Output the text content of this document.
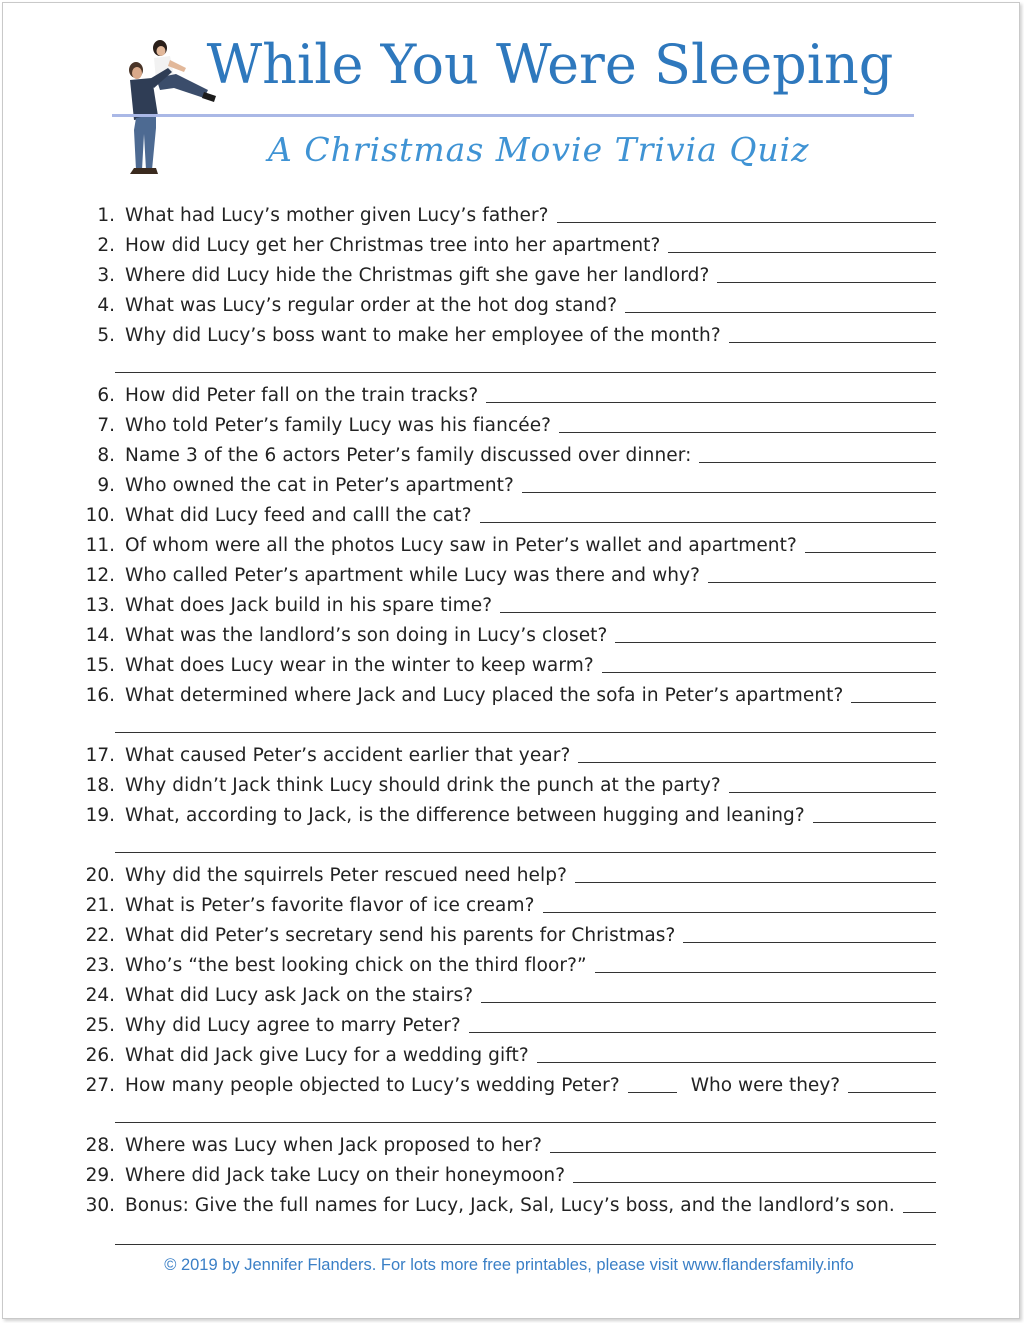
While You Were Sleeping
A Christmas Movie Trivia Quiz
1. What had Lucy’s mother given Lucy’s father?
2. How did Lucy get her Christmas tree into her apartment?
3. Where did Lucy hide the Christmas gift she gave her landlord?
4. What was Lucy’s regular order at the hot dog stand?
5. Why did Lucy’s boss want to make her employee of the month?
6. How did Peter fall on the train tracks?
7. Who told Peter’s family Lucy was his fiancée?
8. Name 3 of the 6 actors Peter’s family discussed over dinner:
9. Who owned the cat in Peter’s apartment?
10. What did Lucy feed and calll the cat?
11. Of whom were all the photos Lucy saw in Peter’s wallet and apartment?
12. Who called Peter’s apartment while Lucy was there and why?
13. What does Jack build in his spare time?
14. What was the landlord’s son doing in Lucy’s closet?
15. What does Lucy wear in the winter to keep warm?
16. What determined where Jack and Lucy placed the sofa in Peter’s apartment?
17. What caused Peter’s accident earlier that year?
18. Why didn’t Jack think Lucy should drink the punch at the party?
19. What, according to Jack, is the difference between hugging and leaning?
20. Why did the squirrels Peter rescued need help?
21. What is Peter’s favorite flavor of ice cream?
22. What did Peter’s secretary send his parents for Christmas?
23. Who’s “the best looking chick on the third floor?”
24. What did Lucy ask Jack on the stairs?
25. Why did Lucy agree to marry Peter?
26. What did Jack give Lucy for a wedding gift?
27. How many people objected to Lucy’s wedding Peter?	Who were they?
28. Where was Lucy when Jack proposed to her?
29. Where did Jack take Lucy on their honeymoon?
30. Bonus: Give the full names for Lucy, Jack, Sal, Lucy’s boss, and the landlord’s son.
© 2019 by Jennifer Flanders. For lots more free printables, please visit www.flandersfamily.info
